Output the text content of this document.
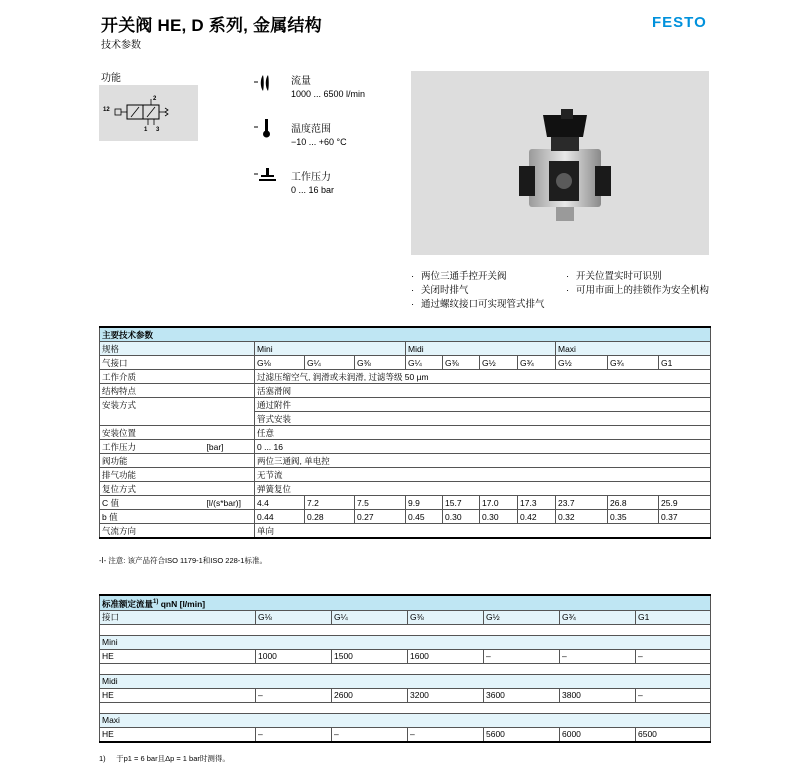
开关阀 HE, D 系列, 金属结构
技术参数
FESTO
功能
12
2
1 3
流量
1000 ... 6500 l/min
温度范围
−10 ... +60 °C
工作压力
0 ... 16 bar
· 两位三通手控开关阀
· 关闭时排气
· 通过螺纹接口可实现管式排气
· 开关位置实时可识别
· 可用市面上的挂锁作为安全机构
主要技术参数											
规格		Mini			Midi				Maxi		
气接口		G⅛	G¼	G⅜	G¼	G⅜	G½	G¾	G½	G¾	G1
工作介质		过滤压缩空气, 润滑或未润滑, 过滤等级 50 µm									
结构特点		活塞滑阀									
安装方式		通过附件									
		管式安装									
安装位置		任意									
工作压力	[bar]	0 ... 16									
阀功能		两位三通阀, 单电控									
排气功能		无节流									
复位方式		弹簧复位									
C 值	[l/(s*bar)]	4.4	7.2	7.5	9.9	15.7	17.0	17.3	23.7	26.8	25.9
b 值		0.44	0.28	0.27	0.45	0.30	0.30	0.42	0.32	0.35	0.37
气流方向		单向									
-Ⅰ- 注意: 该产品符合ISO 1179-1和ISO 228-1标准。
标准额定流量$^{1)}$ qnN [l/min]						
接口	G⅛	G¼	G⅜	G½	G¾	G1

Mini						
HE	1000	1500	1600	–	–	–

Midi						
HE	–	2600	3200	3600	3800	–

Maxi						
HE	–	–	–	5600	6000	6500
1) 于p1 = 6 bar且Δp = 1 bar时测得。
